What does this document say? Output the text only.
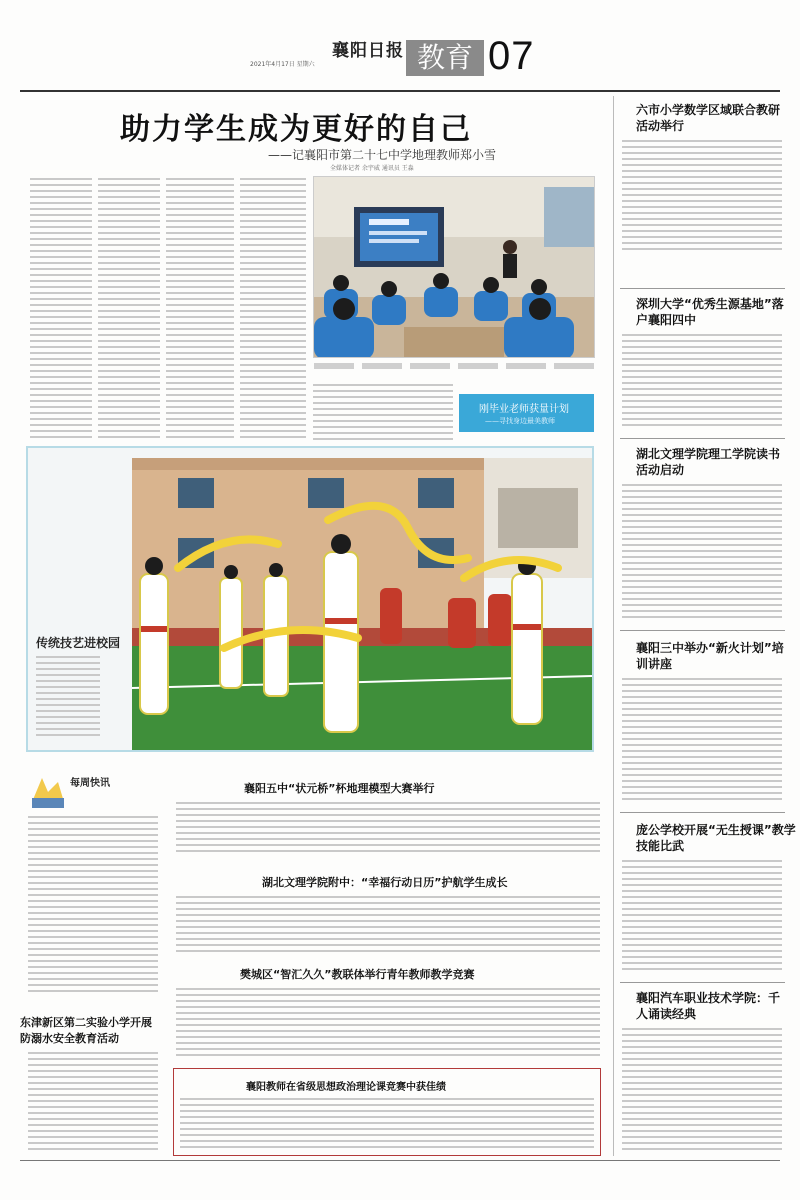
襄阳日报
2021年4月17日 星期六	教育 07
助力学生成为更好的自己
——记襄阳市第二十七中学地理教师郑小雪
全媒体记者 余宇威 通讯员 王淼
刚毕业老师获量计划
——寻找身边最美教师
传统技艺进校园
每周快讯
东津新区第二实验小学开展防溺水安全教育活动
襄阳五中“状元桥”杯地理模型大赛举行
湖北文理学院附中：“幸福行动日历”护航学生成长
樊城区“智汇久久”教联体举行青年教师教学竞赛
襄阳教师在省级思想政治理论课竞赛中获佳绩
六市小学数学区域联合教研活动举行
深圳大学“优秀生源基地”落户襄阳四中
湖北文理学院理工学院读书活动启动
襄阳三中举办“新火计划”培训讲座
庞公学校开展“无生授课”教学技能比武
襄阳汽车职业技术学院：千人诵读经典
